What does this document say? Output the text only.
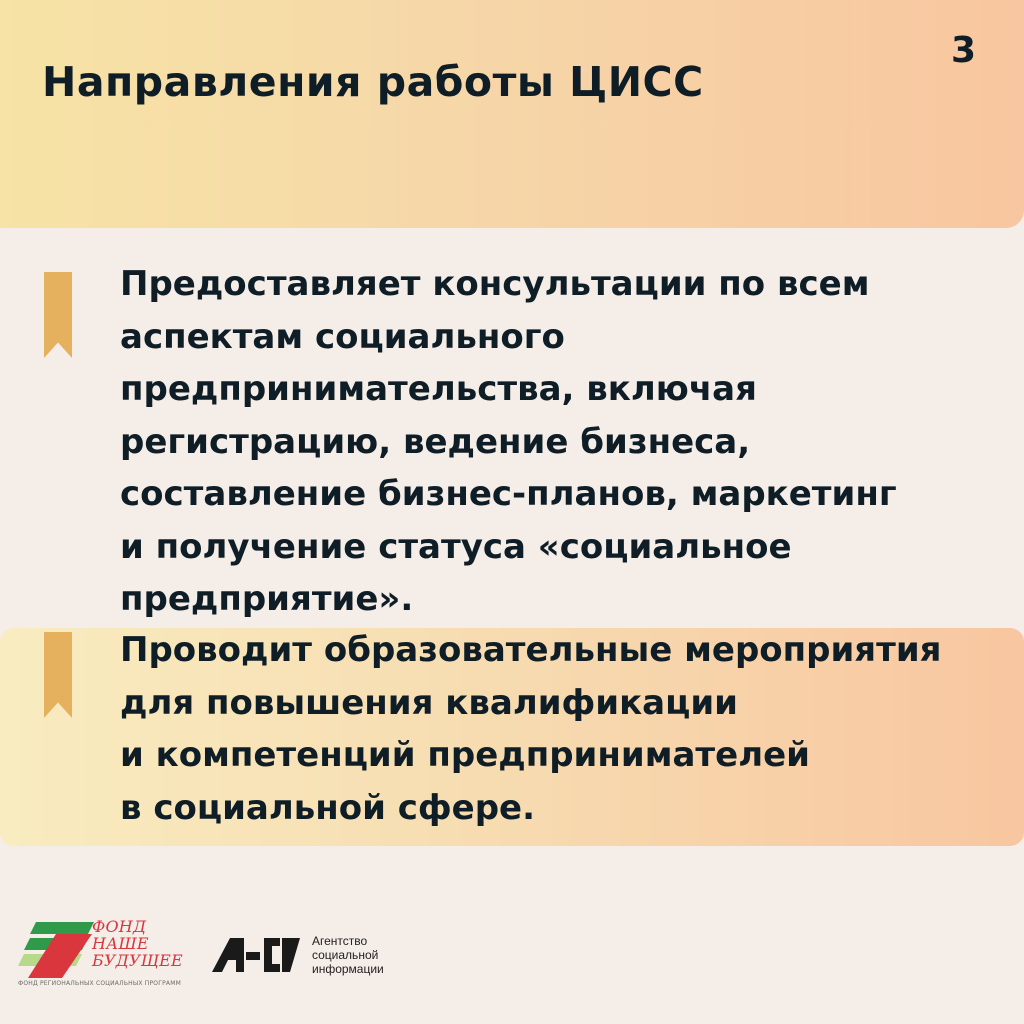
3
Направления работы ЦИСС

Предоставляет консультации по всем
аспектам социального
предпринимательства, включая
регистрацию, ведение бизнеса,
составление бизнес-планов, маркетинг
и получение статуса «социальное
предприятие».

Проводит образовательные мероприятия
для повышения квалификации
и компетенций предпринимателей
в социальной сфере.

ФОНД
НАШЕ
БУДУЩЕЕ
ФОНД РЕГИОНАЛЬНЫХ СОЦИАЛЬНЫХ ПРОГРАММ
Агентство
социальной
информации
